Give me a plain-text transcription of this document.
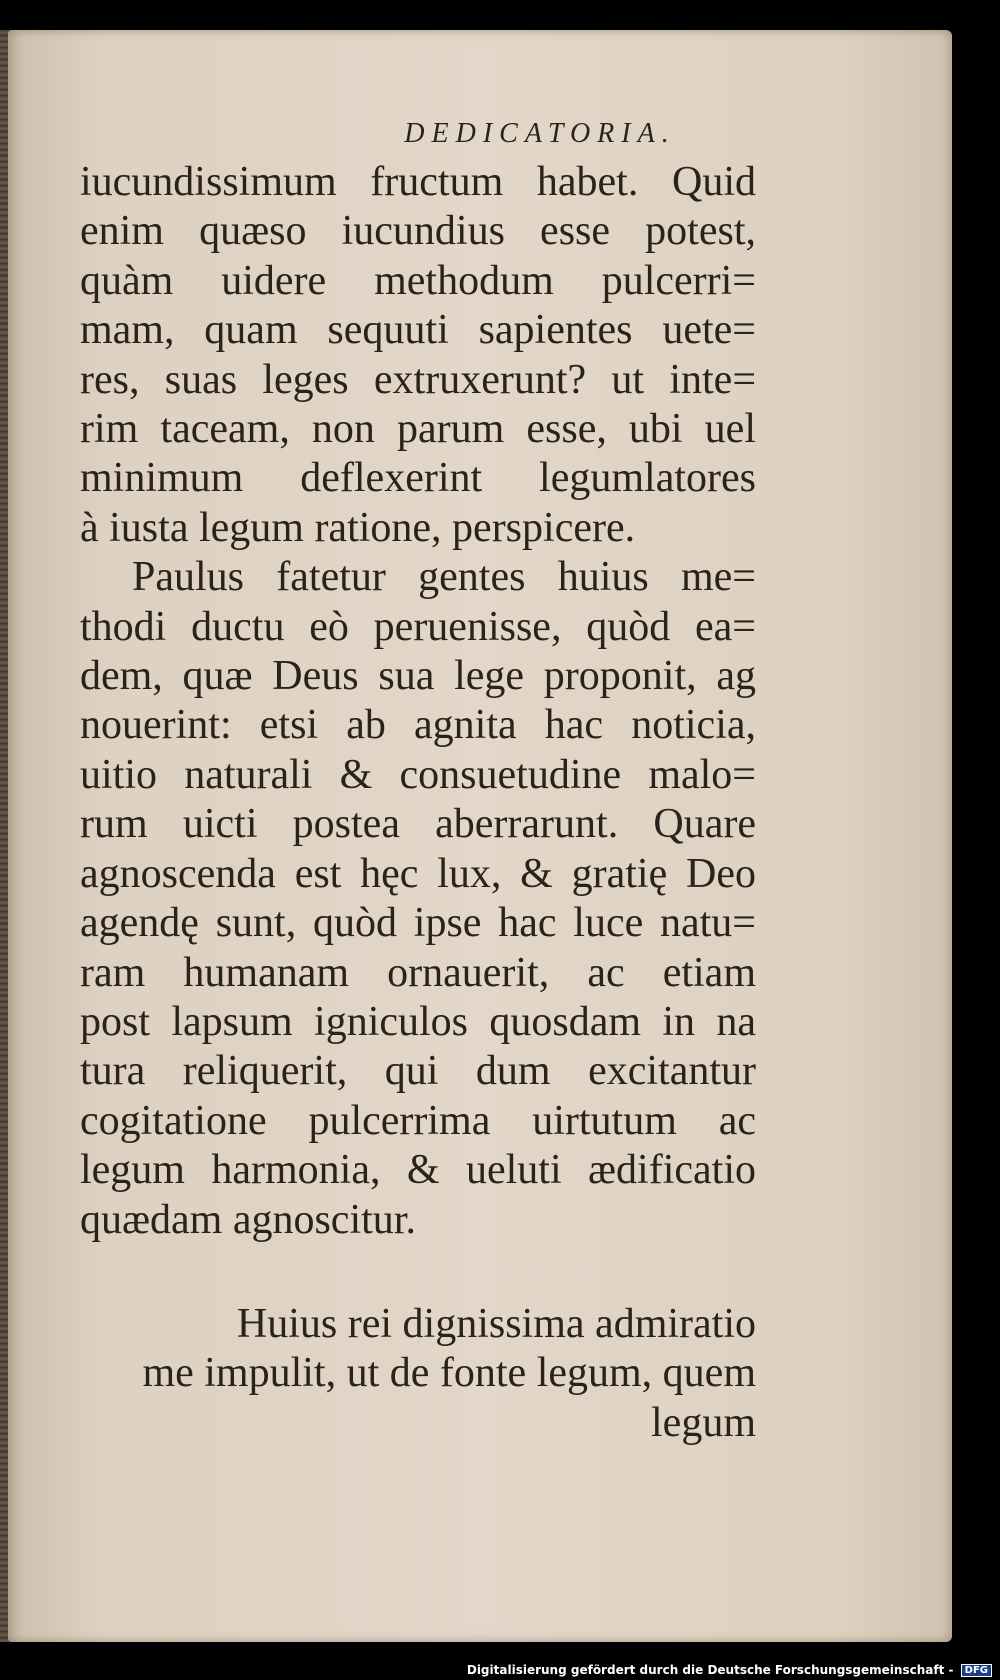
DEDICATORIA.
iucundissimum fructum habet. Quid
enim quæso iucundius esse potest,
quàm uidere methodum pulcerri=
mam, quam sequuti sapientes uete=
res, suas leges extruxerunt? ut inte=
rim taceam, non parum esse, ubi uel
minimum deflexerint legumlatores
à iusta legum ratione, perspicere.
Paulus fatetur gentes huius me=
thodi ductu eò peruenisse, quòd ea=
dem, quæ Deus sua lege proponit, ag
nouerint: etsi ab agnita hac noticia,
uitio naturali & consuetudine malo=
rum uicti postea aberrarunt. Quare
agnoscenda est hęc lux, & gratię Deo
agendę sunt, quòd ipse hac luce natu=
ram humanam ornauerit, ac etiam
post lapsum igniculos quosdam in na
tura reliquerit, qui dum excitantur
cogitatione pulcerrima uirtutum ac
legum harmonia, & ueluti ædificatio
quædam agnoscitur.
Huius rei dignissima admiratio
me impulit, ut de fonte legum, quem
legum
Digitalisierung gefördert durch die Deutsche Forschungsgemeinschaft - DFG
